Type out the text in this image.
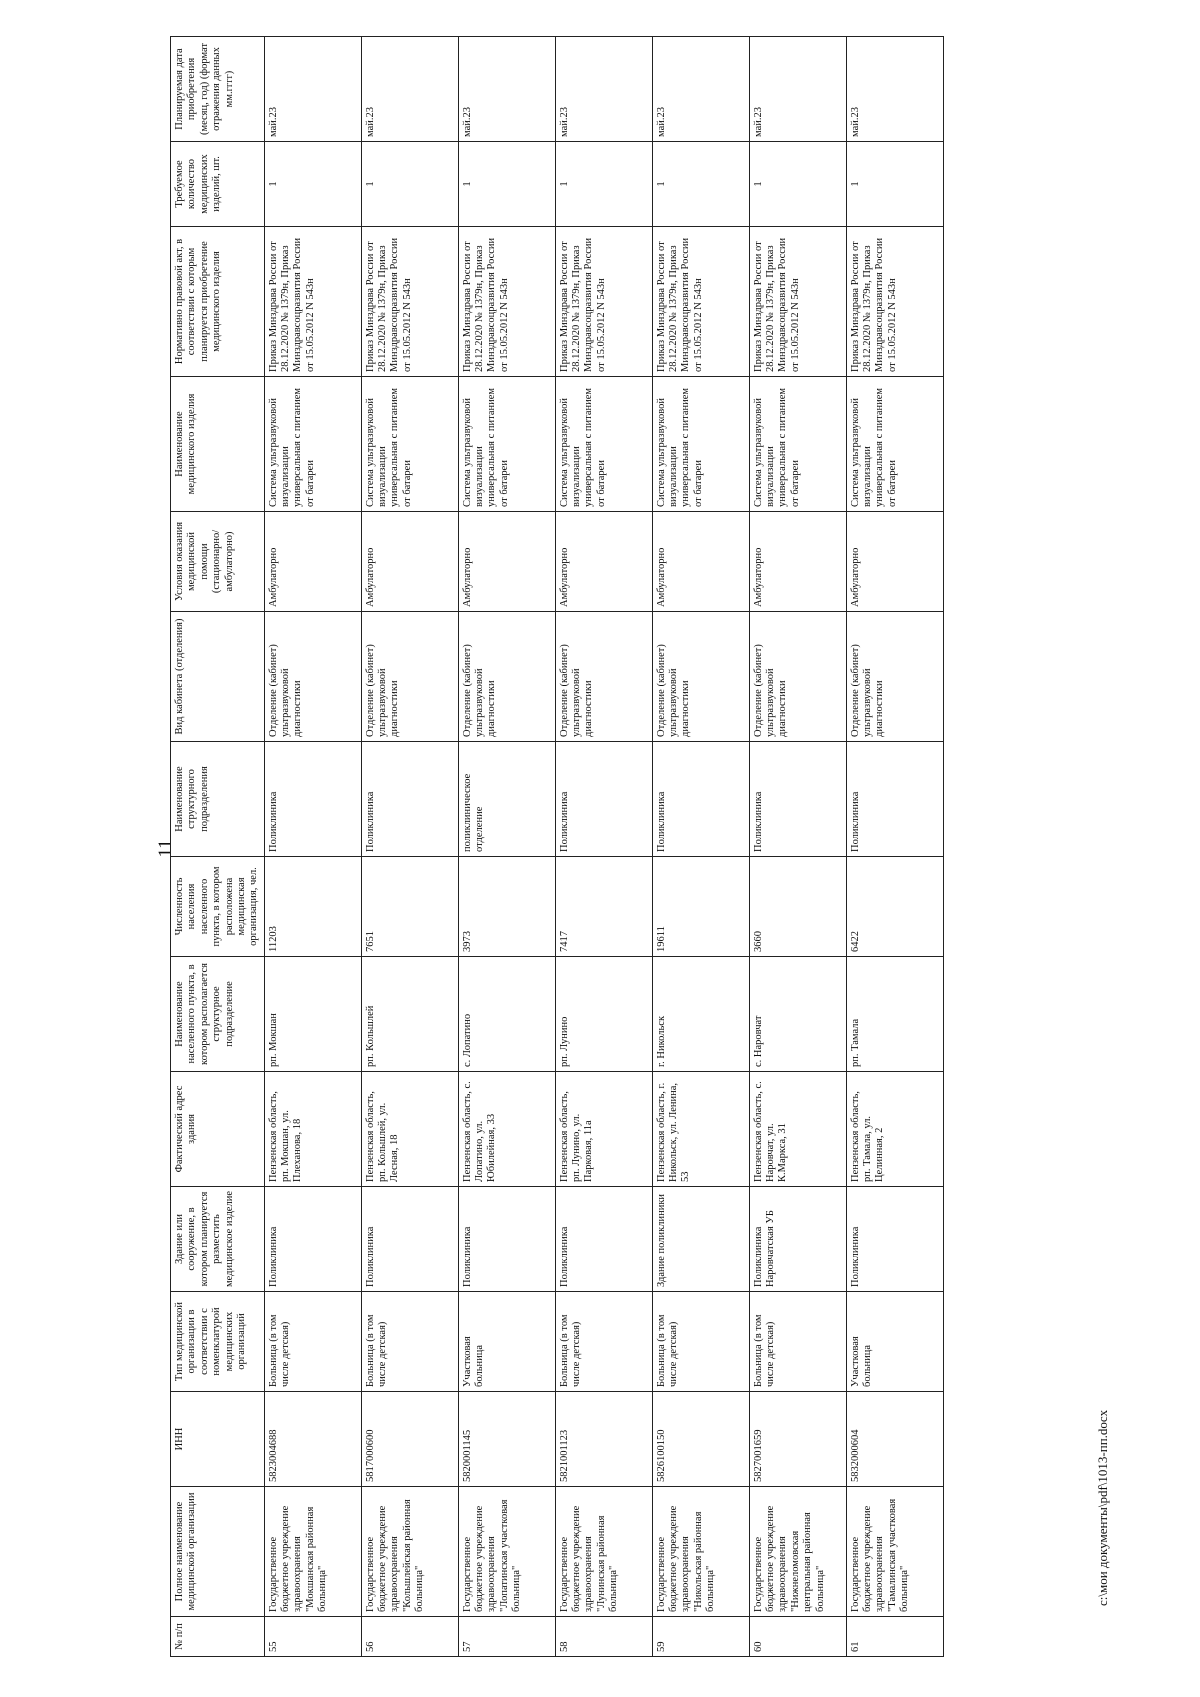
11
№ п/п	Полное наименование медицинской организации	ИНН	Тип медицинской организации в соответствии с номенклатурой медицинских организаций	Здание или сооружение, в котором планируется разместить медицинское изделие	Фактический адрес здания	Наименование населенного пункта, в котором располагается структурное подразделение	Численность населения населенного пункта, в котором расположена медицинская организация, чел.	Наименование структурного подразделения	Вид кабинета (отделения)	Условия оказания медицинской помощи (стационарно/амбулаторно)	Наименование медицинского изделия	Нормативно правовой акт, в соответствии с которым планируется приобретение медицинского изделия	Требуемое количество медицинских изделий, шт.	Планируемая дата приобретения (месяц, год) (формат отражения данных мм.гггг)
55	Государственное бюджетное учреждение здравоохранения "Мокшанская районная больница"	5823004688	Больница (в том числе детская)	Поликлиника	Пензенская область, рп. Мокшан, ул. Плеханова, 18	рп. Мокшан	11203	Поликлиника	Отделение (кабинет) ультразвуковой диагностики	Амбулаторно	Система ультразвуковой визуализации универсальная с питанием от батареи	Приказ Минздрава России от 28.12.2020 № 1379н, Приказ Минздравсоцразвития России от 15.05.2012 N 543н	1	май.23
56	Государственное бюджетное учреждение здравоохранения "Кольшлейская районная больница"	5817000600	Больница (в том числе детская)	Поликлиника	Пензенская область, рп. Кольшлей, ул. Лесная, 18	рп. Кольшлей	7651	Поликлиника	Отделение (кабинет) ультразвуковой диагностики	Амбулаторно	Система ультразвуковой визуализации универсальная с питанием от батареи	Приказ Минздрава России от 28.12.2020 № 1379н, Приказ Минздравсоцразвития России от 15.05.2012 N 543н	1	май.23
57	Государственное бюджетное учреждение здравоохранения "Лопатинская участковая больница"	5820001145	Участковая больница	Поликлиника	Пензенская область, с. Лопатино, ул. Юбилейная, 33	с. Лопатино	3973	поликлиническое отделение	Отделение (кабинет) ультразвуковой диагностики	Амбулаторно	Система ультразвуковой визуализации универсальная с питанием от батареи	Приказ Минздрава России от 28.12.2020 № 1379н, Приказ Минздравсоцразвития России от 15.05.2012 N 543н	1	май.23
58	Государственное бюджетное учреждение здравоохранения "Лунинская районная больница"	5821001123	Больница (в том числе детская)	Поликлиника	Пензенская область, рп. Лунино, ул. Парковая, 11а	рп. Лунино	7417	Поликлиника	Отделение (кабинет) ультразвуковой диагностики	Амбулаторно	Система ультразвуковой визуализации универсальная с питанием от батареи	Приказ Минздрава России от 28.12.2020 № 1379н, Приказ Минздравсоцразвития России от 15.05.2012 N 543н	1	май.23
59	Государственное бюджетное учреждение здравоохранения "Никольская районная больница"	5826100150	Больница (в том числе детская)	Здание поликлиники	Пензенская область, г. Никольск, ул. Ленина, 53	г. Никольск	19611	Поликлиника	Отделение (кабинет) ультразвуковой диагностики	Амбулаторно	Система ультразвуковой визуализации универсальная с питанием от батареи	Приказ Минздрава России от 28.12.2020 № 1379н, Приказ Минздравсоцразвития России от 15.05.2012 N 543н	1	май.23
60	Государственное бюджетное учреждение здравоохранения "Нижнеломовская центральная районная больница"	5827001659	Больница (в том числе детская)	Поликлиника Наровчатская УБ	Пензенская область, с. Наровчат, ул. К.Маркса, 31	с. Наровчат	3660	Поликлиника	Отделение (кабинет) ультразвуковой диагностики	Амбулаторно	Система ультразвуковой визуализации универсальная с питанием от батареи	Приказ Минздрава России от 28.12.2020 № 1379н, Приказ Минздравсоцразвития России от 15.05.2012 N 543н	1	май.23
61	Государственное бюджетное учреждение здравоохранения "Тамалинская участковая больница"	5832000604	Участковая больница	Поликлиника	Пензенская область, рп. Тамала, ул. Целинная, 2	рп. Тамала	6422	Поликлиника	Отделение (кабинет) ультразвуковой диагностики	Амбулаторно	Система ультразвуковой визуализации универсальная с питанием от батареи	Приказ Минздрава России от 28.12.2020 № 1379н, Приказ Минздравсоцразвития России от 15.05.2012 N 543н	1	май.23
c:\мои документы\pdf\1013-пп.docx
